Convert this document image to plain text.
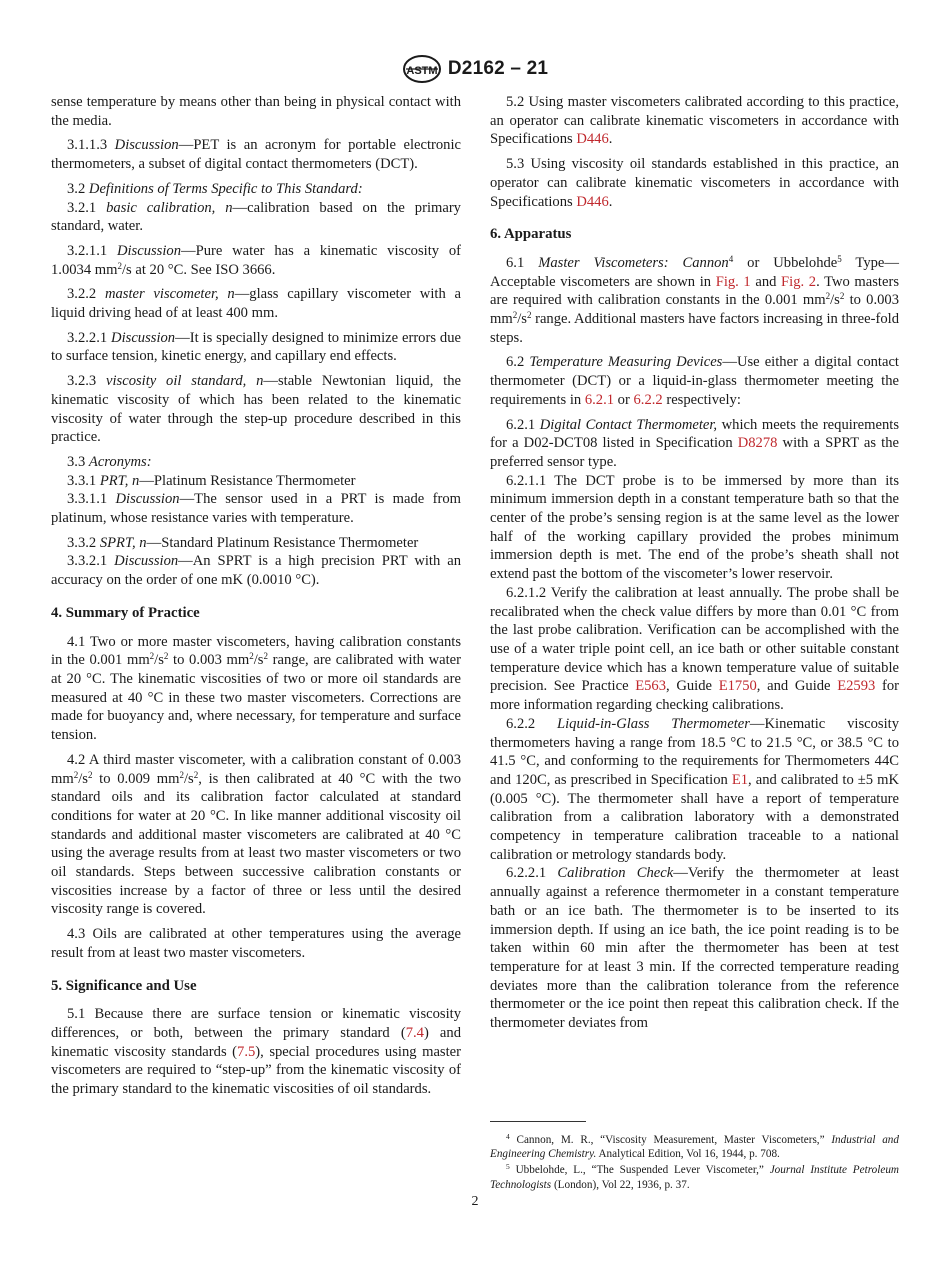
ASTM D2162 – 21

sense temperature by means other than being in physical contact with the media.

3.1.1.3 Discussion—PET is an acronym for portable electronic thermometers, a subset of digital contact thermometers (DCT).

3.2 Definitions of Terms Specific to This Standard:

3.2.1 basic calibration, n—calibration based on the primary standard, water.

3.2.1.1 Discussion—Pure water has a kinematic viscosity of 1.0034 $mm^2/s$ at 20 °C. See ISO 3666.

3.2.2 master viscometer, n—glass capillary viscometer with a liquid driving head of at least 400 mm.

3.2.2.1 Discussion—It is specially designed to minimize errors due to surface tension, kinetic energy, and capillary end effects.

3.2.3 viscosity oil standard, n—stable Newtonian liquid, the kinematic viscosity of which has been related to the kinematic viscosity of water through the step-up procedure described in this practice.

3.3 Acronyms:

3.3.1 PRT, n—Platinum Resistance Thermometer

3.3.1.1 Discussion—The sensor used in a PRT is made from platinum, whose resistance varies with temperature.

3.3.2 SPRT, n—Standard Platinum Resistance Thermometer

3.3.2.1 Discussion—An SPRT is a high precision PRT with an accuracy on the order of one mK (0.0010 °C).

4. Summary of Practice

4.1 Two or more master viscometers, having calibration constants in the 0.001 $mm^2/s^2$ to 0.003 $mm^2/s^2$ range, are calibrated with water at 20 °C. The kinematic viscosities of two or more oil standards are measured at 40 °C in these two master viscometers. Corrections are made for buoyancy and, where necessary, for temperature and surface tension.

4.2 A third master viscometer, with a calibration constant of 0.003 $mm^2/s^2$ to 0.009 $mm^2/s^2$, is then calibrated at 40 °C with the two standard oils and its calibration factor calculated at standard conditions for water at 20 °C. In like manner additional viscosity oil standards and additional master viscometers are calibrated at 40 °C using the average results from at least two master viscometers or two oil standards. Steps between successive calibration constants or viscosities increase by a factor of three or less until the desired viscosity range is covered.

4.3 Oils are calibrated at other temperatures using the average result from at least two master viscometers.

5. Significance and Use

5.1 Because there are surface tension or kinematic viscosity differences, or both, between the primary standard (7.4) and kinematic viscosity standards (7.5), special procedures using master viscometers are required to “step-up” from the kinematic viscosity of the primary standard to the kinematic viscosities of oil standards.

5.2 Using master viscometers calibrated according to this practice, an operator can calibrate kinematic viscometers in accordance with Specifications D446.

5.3 Using viscosity oil standards established in this practice, an operator can calibrate kinematic viscometers in accordance with Specifications D446.

6. Apparatus

6.1 Master Viscometers: Cannon$^4$ or Ubbelohde$^5$ Type—Acceptable viscometers are shown in Fig. 1 and Fig. 2. Two masters are required with calibration constants in the 0.001 $mm^2/s^2$ to 0.003 $mm^2/s^2$ range. Additional masters have factors increasing in three-fold steps.

6.2 Temperature Measuring Devices—Use either a digital contact thermometer (DCT) or a liquid-in-glass thermometer meeting the requirements in 6.2.1 or 6.2.2 respectively:

6.2.1 Digital Contact Thermometer, which meets the requirements for a D02-DCT08 listed in Specification D8278 with a SPRT as the preferred sensor type.

6.2.1.1 The DCT probe is to be immersed by more than its minimum immersion depth in a constant temperature bath so that the center of the probe’s sensing region is at the same level as the lower half of the working capillary provided the probes minimum immersion depth is met. The end of the probe’s sheath shall not extend past the bottom of the viscometer’s lower reservoir.

6.2.1.2 Verify the calibration at least annually. The probe shall be recalibrated when the check value differs by more than 0.01 °C from the last probe calibration. Verification can be accomplished with the use of a water triple point cell, an ice bath or other suitable constant temperature device which has a known temperature value of suitable precision. See Practice E563, Guide E1750, and Guide E2593 for more information regarding checking calibrations.

6.2.2 Liquid-in-Glass Thermometer—Kinematic viscosity thermometers having a range from 18.5 °C to 21.5 °C, or 38.5 °C to 41.5 °C, and conforming to the requirements for Thermometers 44C and 120C, as prescribed in Specification E1, and calibrated to ±5 mK (0.005 °C). The thermometer shall have a report of temperature calibration from a calibration laboratory with a demonstrated competency in temperature calibration traceable to a national calibration or metrology standards body.

6.2.2.1 Calibration Check—Verify the thermometer at least annually against a reference thermometer in a constant temperature bath or an ice bath. The thermometer is to be inserted to its immersion depth. If using an ice bath, the ice point reading is to be taken within 60 min after the thermometer has been at test temperature for at least 3 min. If the corrected temperature reading deviates more than the calibration tolerance from the reference thermometer or the ice point then repeat this calibration check. If the thermometer deviates from

$^4$ Cannon, M. R., “Viscosity Measurement, Master Viscometers,” Industrial and Engineering Chemistry. Analytical Edition, Vol 16, 1944, p. 708.

$^5$ Ubbelohde, L., “The Suspended Lever Viscometer,” Journal Institute Petroleum Technologists (London), Vol 22, 1936, p. 37.

2
